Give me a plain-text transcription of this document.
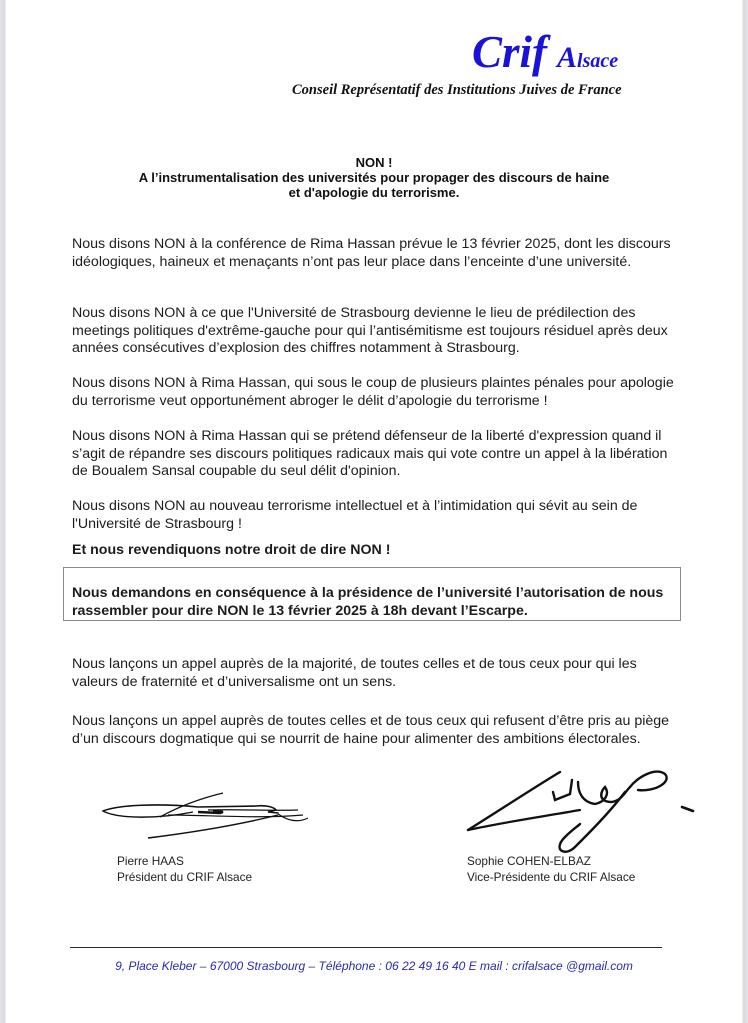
Crif Alsace
Conseil Représentatif des Institutions Juives de France
NON !
A l’instrumentalisation des universités pour propager des discours de haine
et d'apologie du terrorisme.
Nous disons NON à la conférence de Rima Hassan prévue le 13 février 2025, dont les discours idéologiques, haineux et menaçants n’ont pas leur place dans l’enceinte d’une université.
Nous disons NON à ce que l'Université de Strasbourg devienne le lieu de prédilection des meetings politiques d'extrême-gauche pour qui l’antisémitisme est toujours résiduel après deux années consécutives d’explosion des chiffres notamment à Strasbourg.
Nous disons NON à Rima Hassan, qui sous le coup de plusieurs plaintes pénales pour apologie du terrorisme veut opportunément abroger le délit d’apologie du terrorisme !
Nous disons NON à Rima Hassan qui se prétend défenseur de la liberté d'expression quand il s’agit de répandre ses discours politiques radicaux mais qui vote contre un appel à la libération de Boualem Sansal coupable du seul délit d'opinion.
Nous disons NON au nouveau terrorisme intellectuel et à l’intimidation qui sévit au sein de l'Université de Strasbourg !
Et nous revendiquons notre droit de dire NON !
Nous demandons en conséquence à la présidence de l’université l’autorisation de nous rassembler pour dire NON le 13 février 2025 à 18h devant l’Escarpe.
Nous lançons un appel auprès de la majorité, de toutes celles et de tous ceux pour qui les valeurs de fraternité et d’universalisme ont un sens.
Nous lançons un appel auprès de toutes celles et de tous ceux qui refusent d’être pris au piège d’un discours dogmatique qui se nourrit de haine pour alimenter des ambitions électorales.
Pierre HAAS
Président du CRIF Alsace
Sophie COHEN-ELBAZ
Vice-Présidente du CRIF Alsace
9, Place Kleber – 67000 Strasbourg – Téléphone : 06 22 49 16 40 E mail : crifalsace @gmail.com
